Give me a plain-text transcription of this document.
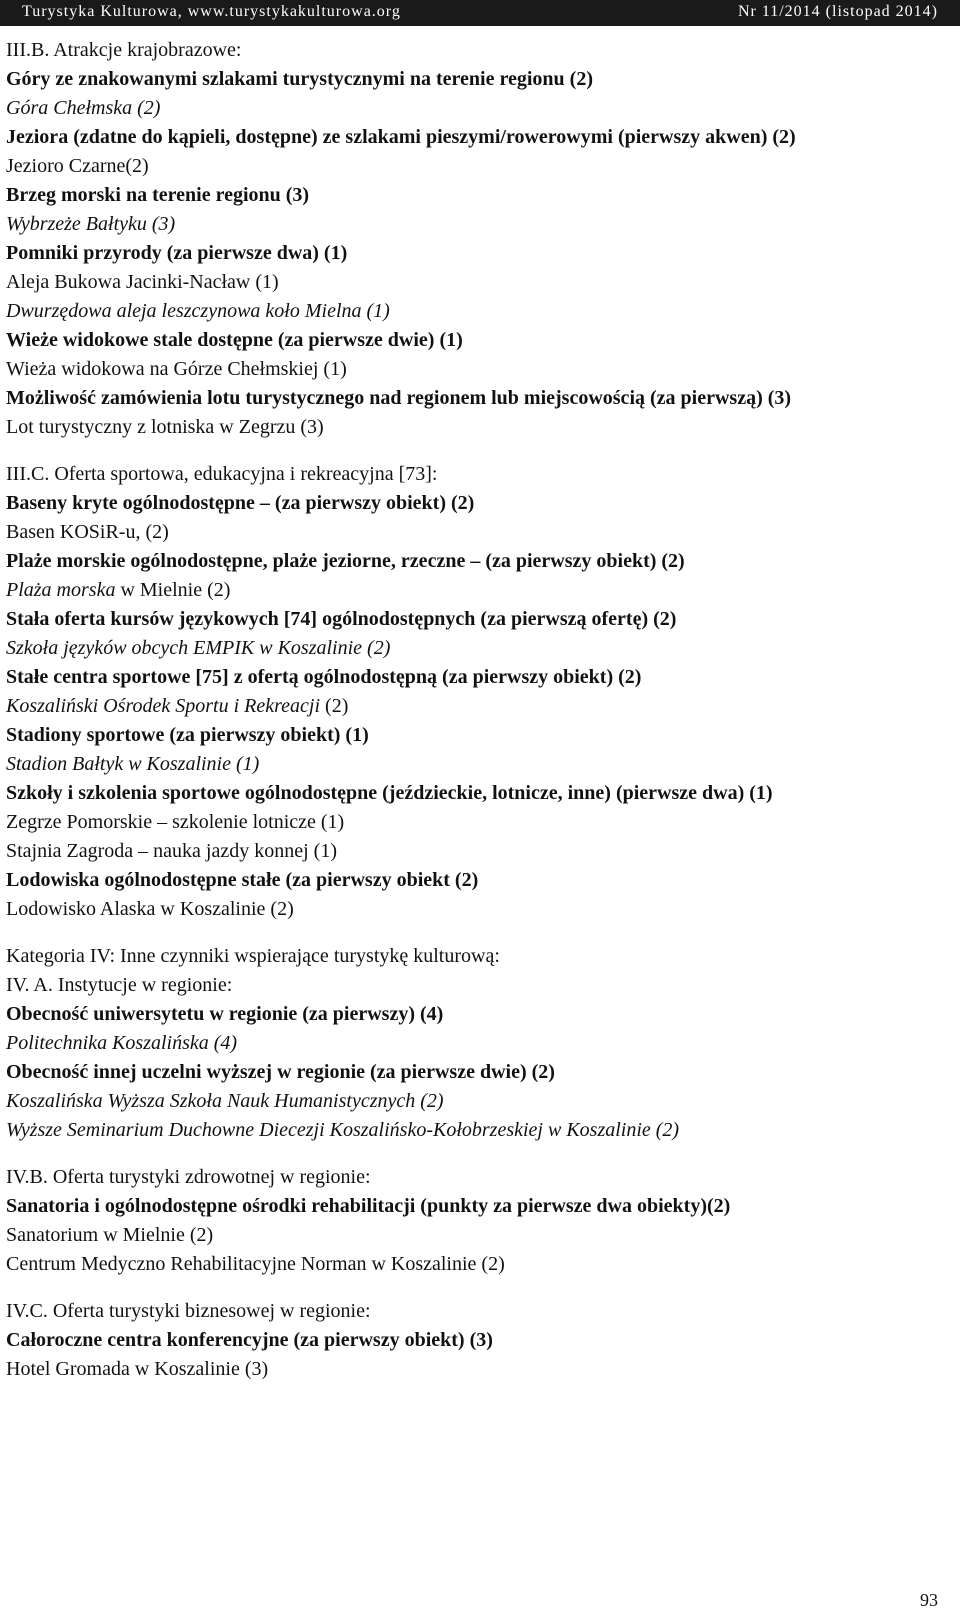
Turystyka Kulturowa, www.turystykakulturowa.org	Nr 11/2014 (listopad 2014)

III.B. Atrakcje krajobrazowe:

Góry ze znakowanymi szlakami turystycznymi na terenie regionu (2)

Góra Chełmska (2)

Jeziora (zdatne do kąpieli, dostępne) ze szlakami pieszymi/rowerowymi (pierwszy akwen) (2)

Jezioro Czarne(2)

Brzeg morski na terenie regionu (3)

Wybrzeże Bałtyku (3)

Pomniki przyrody (za pierwsze dwa) (1)

Aleja Bukowa Jacinki-Nacław (1)

Dwurzędowa aleja leszczynowa koło Mielna (1)

Wieże widokowe stale dostępne (za pierwsze dwie) (1)

Wieża widokowa na Górze Chełmskiej (1)

Możliwość zamówienia lotu turystycznego nad regionem lub miejscowością (za pierwszą) (3)

Lot turystyczny z lotniska w Zegrzu (3)

III.C. Oferta sportowa, edukacyjna i rekreacyjna [73]:

Baseny kryte ogólnodostępne – (za pierwszy obiekt) (2)

Basen KOSiR-u, (2)

Plaże morskie ogólnodostępne, plaże jeziorne, rzeczne – (za pierwszy obiekt) (2)

Plaża morska w Mielnie (2)

Stała oferta kursów językowych [74] ogólnodostępnych (za pierwszą ofertę) (2)

Szkoła języków obcych EMPIK w Koszalinie (2)

Stałe centra sportowe [75] z ofertą ogólnodostępną (za pierwszy obiekt) (2)

Koszaliński Ośrodek Sportu i Rekreacji (2)

Stadiony sportowe (za pierwszy obiekt) (1)

Stadion Bałtyk w Koszalinie (1)

Szkoły i szkolenia sportowe ogólnodostępne (jeździeckie, lotnicze, inne) (pierwsze dwa) (1)

Zegrze Pomorskie – szkolenie lotnicze (1)

Stajnia Zagroda – nauka jazdy konnej (1)

Lodowiska ogólnodostępne stałe (za pierwszy obiekt (2)

Lodowisko Alaska w Koszalinie (2)

Kategoria IV: Inne czynniki wspierające turystykę kulturową:

IV. A. Instytucje w regionie:

Obecność uniwersytetu w regionie (za pierwszy) (4)

Politechnika Koszalińska (4)

Obecność innej uczelni wyższej w regionie (za pierwsze dwie) (2)

Koszalińska Wyższa Szkoła Nauk Humanistycznych (2)

Wyższe Seminarium Duchowne Diecezji Koszalińsko-Kołobrzeskiej w Koszalinie (2)

IV.B. Oferta turystyki zdrowotnej w regionie:

Sanatoria i ogólnodostępne ośrodki rehabilitacji (punkty za pierwsze dwa obiekty)(2)

Sanatorium w Mielnie (2)

Centrum Medyczno Rehabilitacyjne Norman w Koszalinie (2)

IV.C. Oferta turystyki biznesowej w regionie:

Całoroczne centra konferencyjne (za pierwszy obiekt) (3)

Hotel Gromada w Koszalinie (3)

93
